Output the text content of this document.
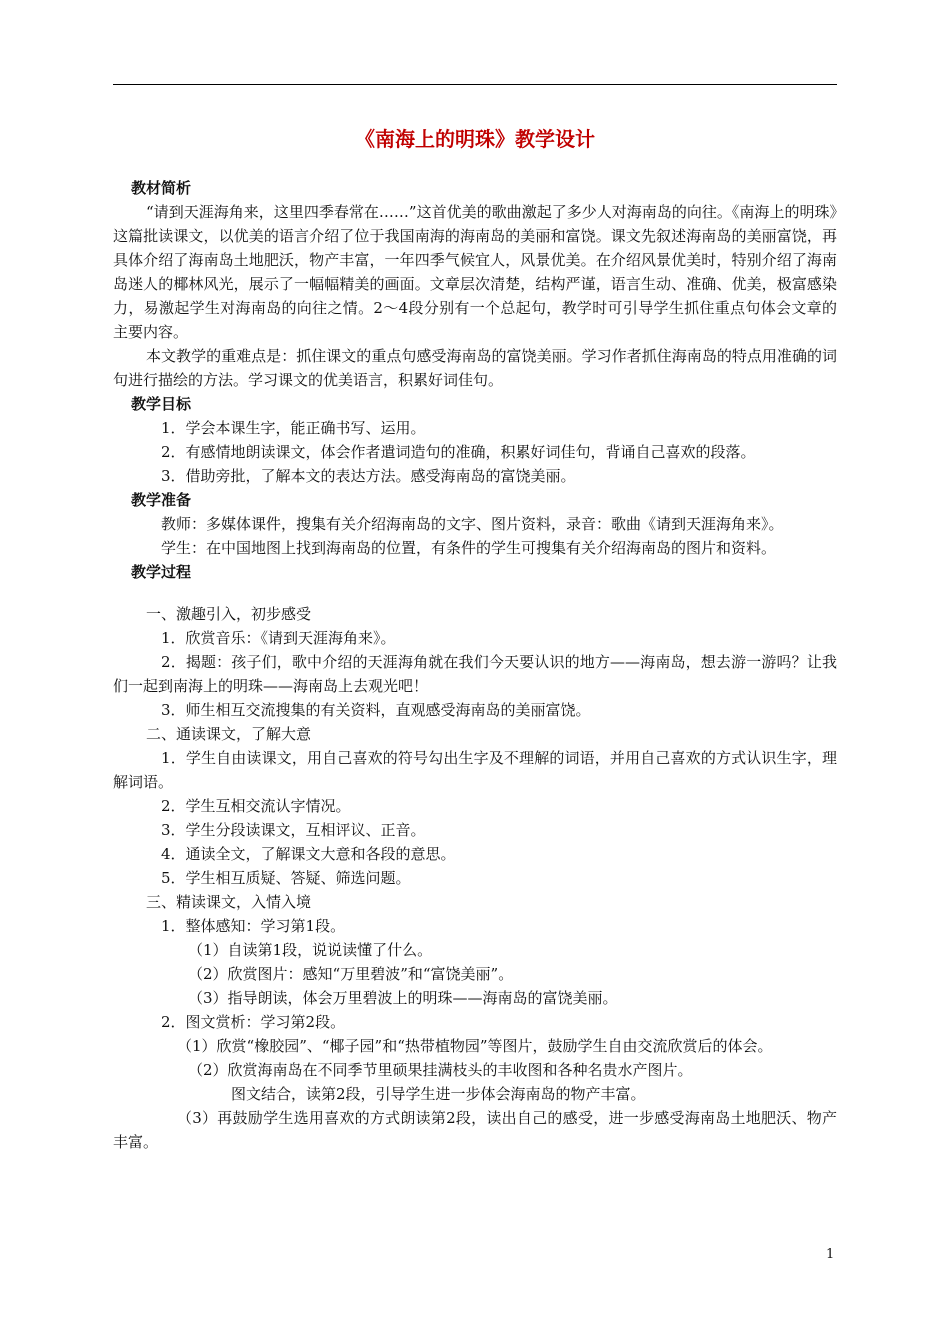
《南海上的明珠》教学设计

教材简析

“请到天涯海角来，这里四季春常在……”这首优美的歌曲激起了多少人对海南岛的向往。《南海上的明珠》这篇批读课文，以优美的语言介绍了位于我国南海的海南岛的美丽和富饶。课文先叙述海南岛的美丽富饶，再具体介绍了海南岛土地肥沃，物产丰富，一年四季气候宜人，风景优美。在介绍风景优美时，特别介绍了海南岛迷人的椰林风光，展示了一幅幅精美的画面。文章层次清楚，结构严谨，语言生动、准确、优美，极富感染力，易激起学生对海南岛的向往之情。2～4段分别有一个总起句，教学时可引导学生抓住重点句体会文章的主要内容。

本文教学的重难点是：抓住课文的重点句感受海南岛的富饶美丽。学习作者抓住海南岛的特点用准确的词句进行描绘的方法。学习课文的优美语言，积累好词佳句。

教学目标

1．学会本课生字，能正确书写、运用。

2．有感情地朗读课文，体会作者遣词造句的准确，积累好词佳句，背诵自己喜欢的段落。

3．借助旁批，了解本文的表达方法。感受海南岛的富饶美丽。

教学准备

教师：多媒体课件，搜集有关介绍海南岛的文字、图片资料，录音：歌曲《请到天涯海角来》。

学生：在中国地图上找到海南岛的位置，有条件的学生可搜集有关介绍海南岛的图片和资料。

教学过程

一、激趣引入，初步感受

1．欣赏音乐：《请到天涯海角来》。

2．揭题：孩子们，歌中介绍的天涯海角就在我们今天要认识的地方——海南岛，想去游一游吗？让我们一起到南海上的明珠——海南岛上去观光吧！

3．师生相互交流搜集的有关资料，直观感受海南岛的美丽富饶。

二、通读课文，了解大意

1．学生自由读课文，用自己喜欢的符号勾出生字及不理解的词语，并用自己喜欢的方式认识生字，理解词语。

2．学生互相交流认字情况。

3．学生分段读课文，互相评议、正音。

4．通读全文，了解课文大意和各段的意思。

5．学生相互质疑、答疑、筛选问题。

三、精读课文，入情入境

1．整体感知：学习第1段。

（1）自读第1段，说说读懂了什么。

（2）欣赏图片：感知“万里碧波”和“富饶美丽”。

（3）指导朗读，体会万里碧波上的明珠——海南岛的富饶美丽。

2．图文赏析：学习第2段。

（1）欣赏“橡胶园”、“椰子园”和“热带植物园”等图片，鼓励学生自由交流欣赏后的体会。

（2）欣赏海南岛在不同季节里硕果挂满枝头的丰收图和各种名贵水产图片。

图文结合，读第2段，引导学生进一步体会海南岛的物产丰富。

（3）再鼓励学生选用喜欢的方式朗读第2段，读出自己的感受，进一步感受海南岛土地肥沃、物产丰富。

1
